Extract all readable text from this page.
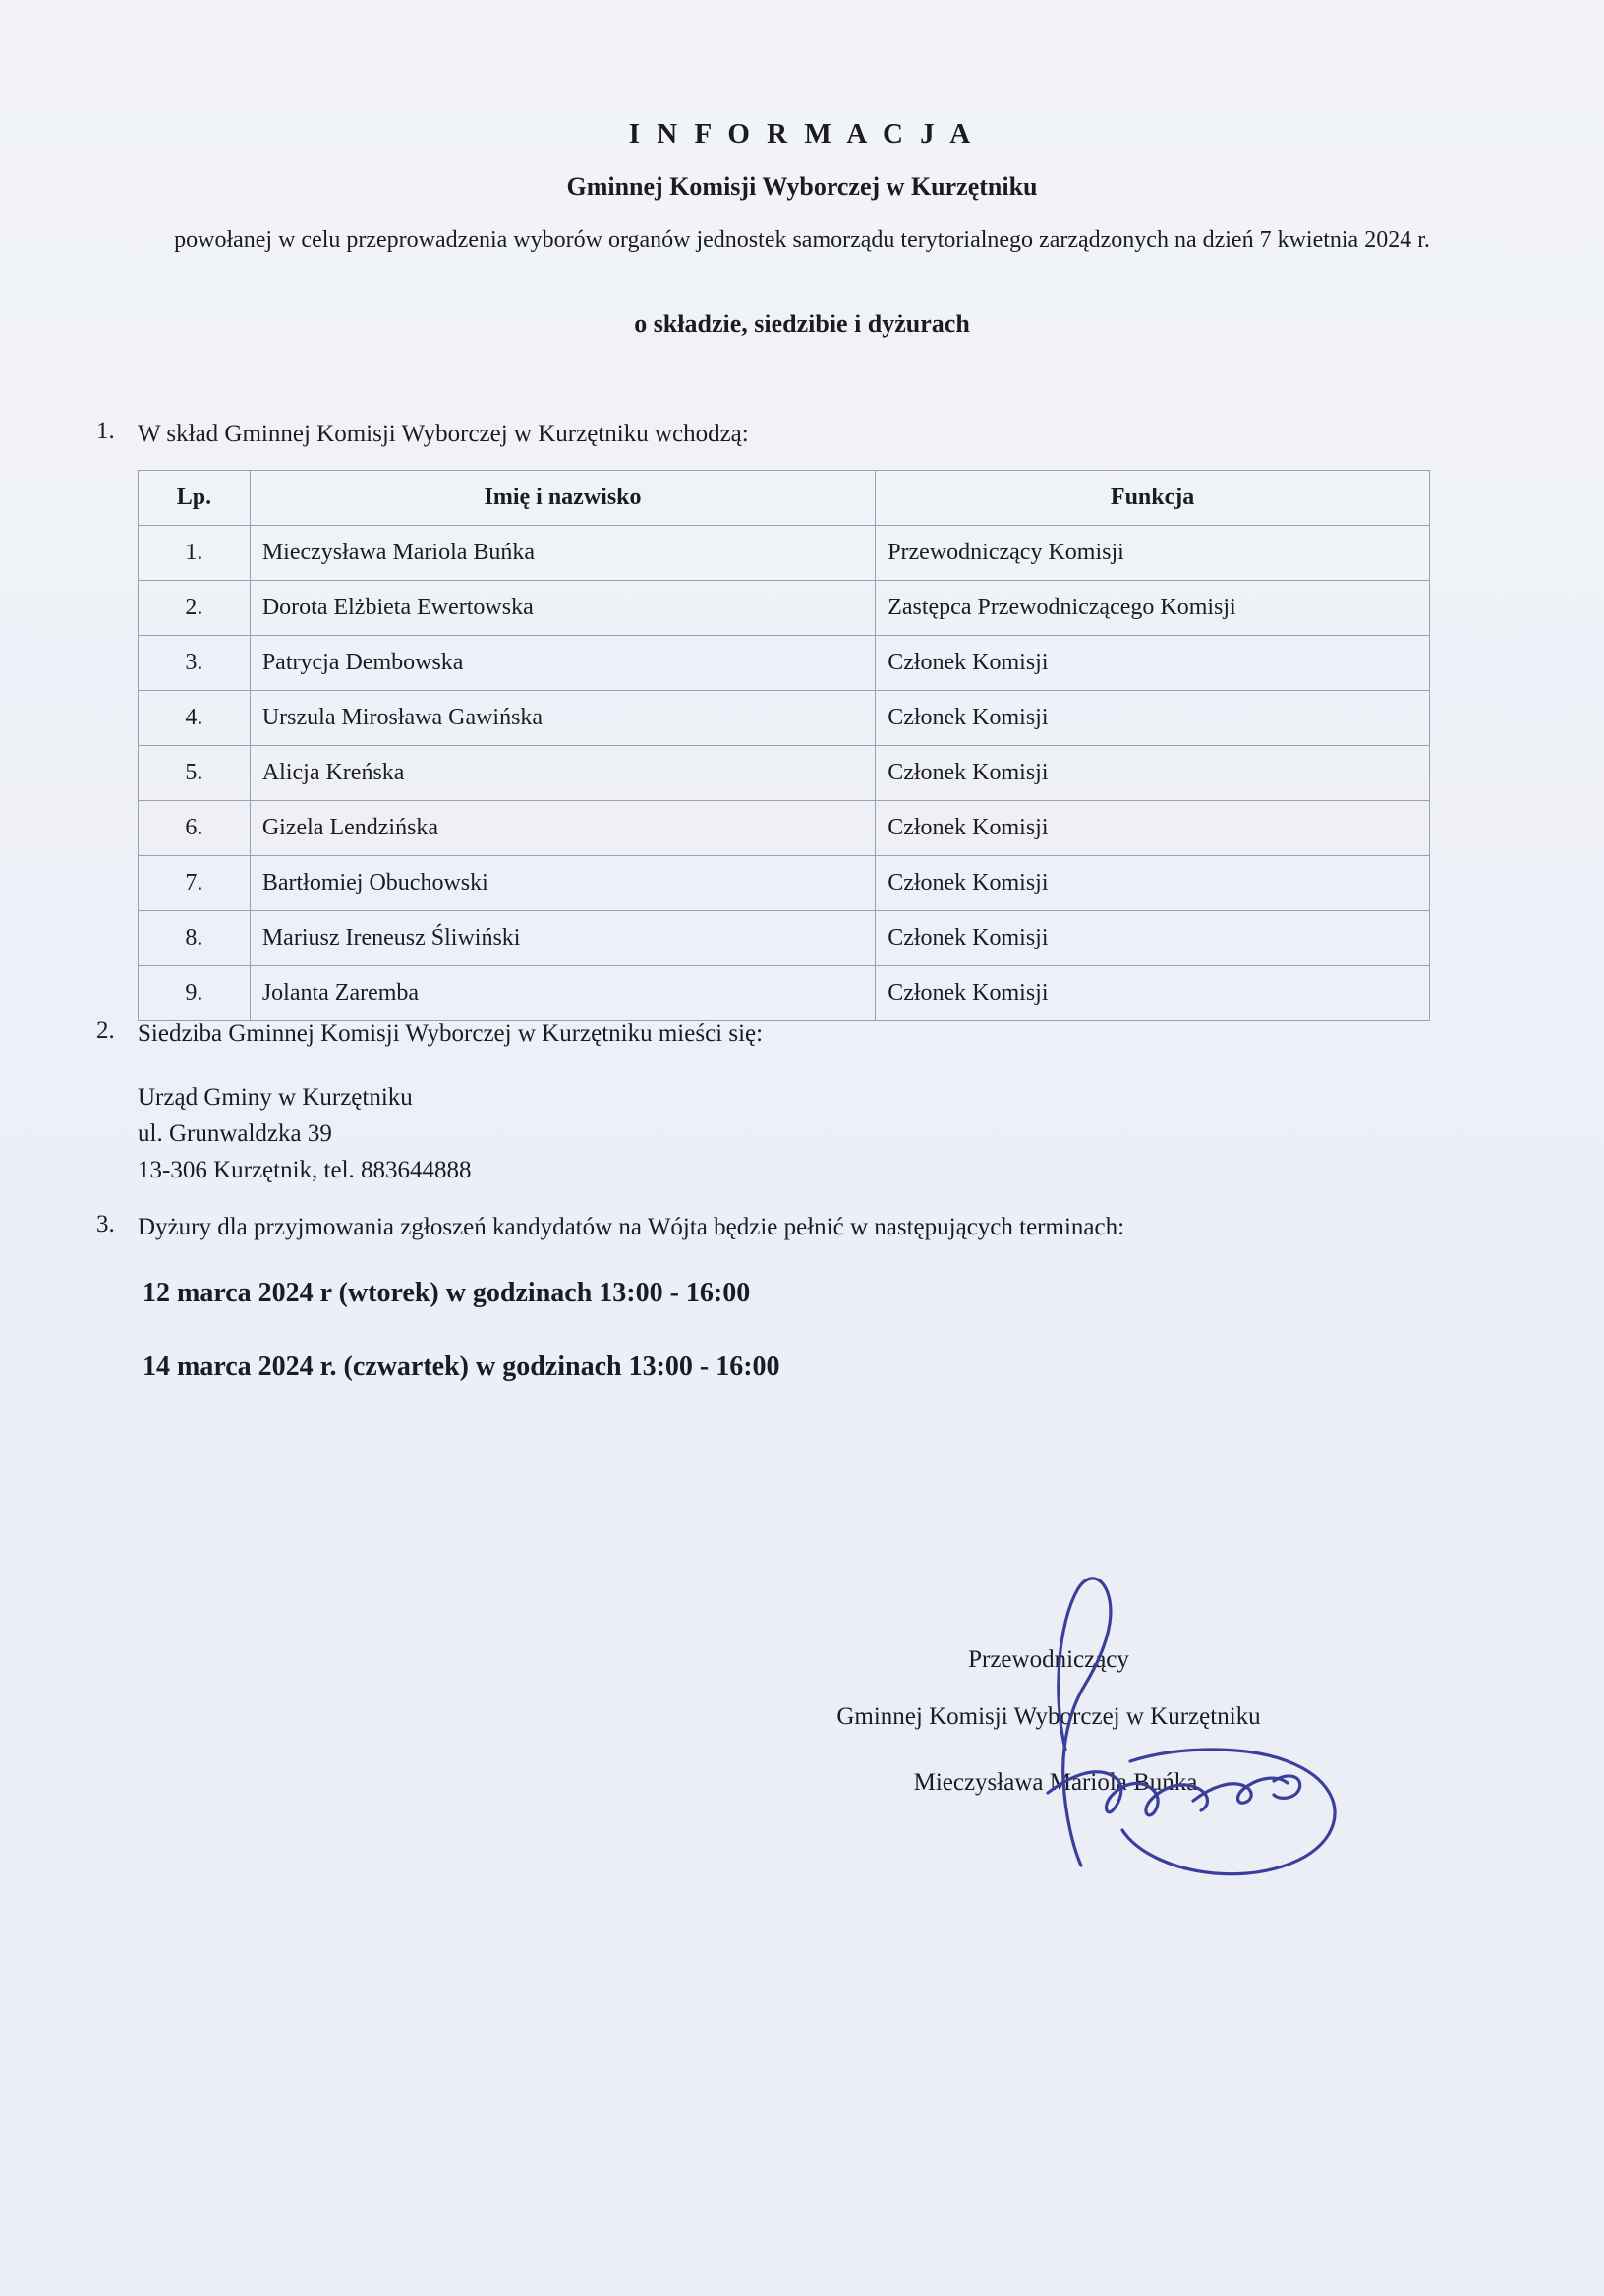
I N F O R M A C J A
Gminnej Komisji Wyborczej w Kurzętniku
powołanej w celu przeprowadzenia wyborów organów jednostek samorządu terytorialnego zarządzonych na dzień 7 kwietnia 2024 r.
o składzie, siedzibie i dyżurach
1. W skład Gminnej Komisji Wyborczej w Kurzętniku wchodzą:
Lp.	Imię i nazwisko	Funkcja
1.	Mieczysława Mariola Buńka	Przewodniczący Komisji
2.	Dorota Elżbieta Ewertowska	Zastępca Przewodniczącego Komisji
3.	Patrycja Dembowska	Członek Komisji
4.	Urszula Mirosława Gawińska	Członek Komisji
5.	Alicja Kreńska	Członek Komisji
6.	Gizela Lendzińska	Członek Komisji
7.	Bartłomiej Obuchowski	Członek Komisji
8.	Mariusz Ireneusz Śliwiński	Członek Komisji
9.	Jolanta Zaremba	Członek Komisji
2. Siedziba Gminnej Komisji Wyborczej w Kurzętniku mieści się:
Urząd Gminy w Kurzętniku
ul. Grunwaldzka 39
13-306 Kurzętnik, tel. 883644888
3. Dyżury dla przyjmowania zgłoszeń kandydatów na Wójta będzie pełnić w następujących terminach:
12 marca 2024 r (wtorek) w godzinach 13:00 - 16:00
14 marca 2024 r. (czwartek) w godzinach 13:00 - 16:00
Przewodniczący
Gminnej Komisji Wyborczej w Kurzętniku
Mieczysława Mariola Buńka
